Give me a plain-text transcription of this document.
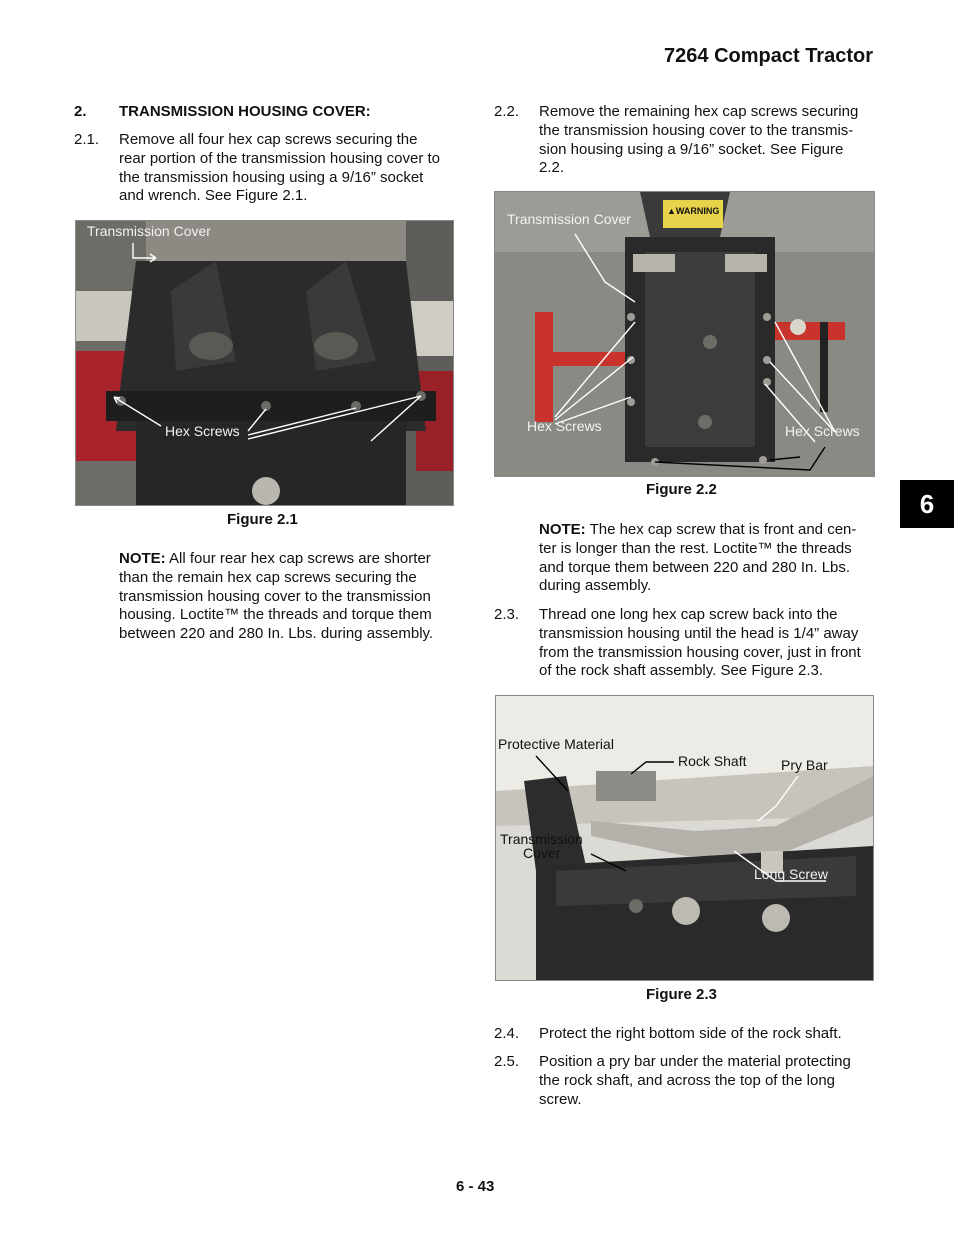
7264 Compact Tractor
6
2. TRANSMISSION HOUSING COVER:
2.1. Remove all four hex cap screws securing the
rear portion of the transmission housing cover to
the transmission housing using a 9/16” socket
and wrench. See Figure 2.1.
Transmission Cover
Hex Screws
Figure 2.1
NOTE: All four rear hex cap screws are shorter
than the remain hex cap screws securing the
transmission housing cover to the transmission
housing. Loctite™ the threads and torque them
between 220 and 280 In. Lbs. during assembly.
2.2. Remove the remaining hex cap screws securing
the transmission housing cover to the transmis-
sion housing using a 9/16” socket. See Figure
2.2.
Transmission Cover
Hex Screws	Hex Screws
▲WARNING
Figure 2.2
NOTE: The hex cap screw that is front and cen-
ter is longer than the rest. Loctite™ the threads
and torque them between 220 and 280 In. Lbs.
during assembly.
2.3. Thread one long hex cap screw back into the
transmission housing until the head is 1/4” away
from the transmission housing cover, just in front
of the rock shaft assembly. See Figure 2.3.
Protective Material
Rock Shaft Pry Bar
Transmission
Cover
Long Screw
Figure 2.3
2.4. Protect the right bottom side of the rock shaft.
2.5. Position a pry bar under the material protecting
the rock shaft, and across the top of the long
screw.
6 - 43
